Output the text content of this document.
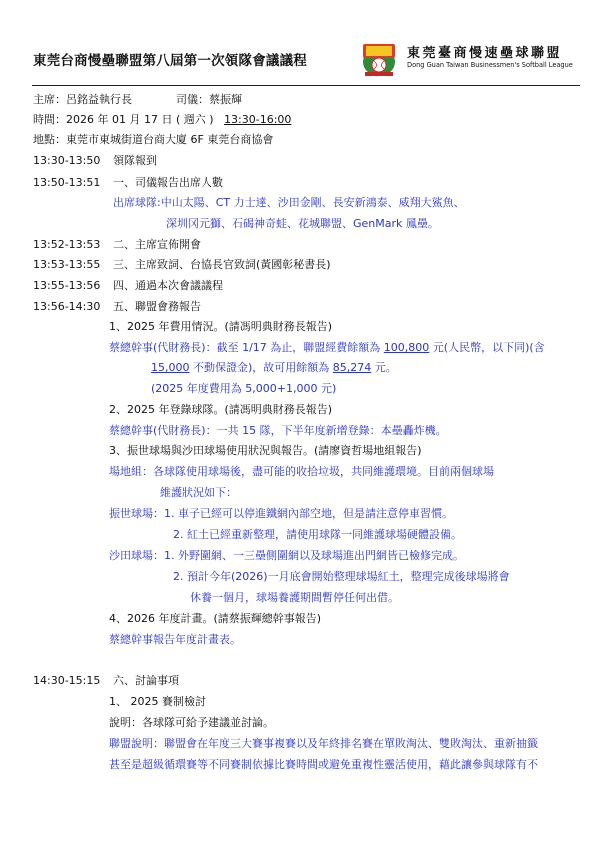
東莞台商慢壘聯盟第八屆第一次領隊會議議程	東莞臺商慢速壘球聯盟
Dong Guan Taiwan Businessmen's Softball League
主席：呂銘益執行長	司儀：蔡振輝
時間：2026 年 01 月 17 日 ( 週六 ) 13:30-16:00
地點：東莞市東城街道台商大廈 6F 東莞台商協會
13:30-13:50 領隊報到
13:50-13:51 一、司儀報告出席人數
出席球隊:中山太陽、CT 力士達、沙田金剛、長安新鴻泰、威翔大鯊魚、
深圳冈元獅、石碣神奇蛙、花城聯盟、GenMark 鳳壘。
13:52-13:53 二、主席宣佈開會
13:53-13:55 三、主席致詞、台協長官致詞(黃國彰秘書長)
13:55-13:56 四、通過本次會議議程
13:56-14:30 五、聯盟會務報告
1、2025 年費用情況。(請馮明典財務長報告)
蔡總幹事(代財務長)：截至 1/17 為止，聯盟經費餘額為 100,800 元(人民幣，以下同)(含
15,000 不動保證金)，故可用餘額為 85,274 元。
(2025 年度費用為 5,000+1,000 元)
2、2025 年登錄球隊。(請馮明典財務長報告)
蔡總幹事(代財務長)：一共 15 隊，下半年度新增登錄：本壘轟炸機。
3、振世球場與沙田球場使用狀況與報告。(請廖資哲場地組報告)
場地組：各球隊使用球場後，盡可能的收拾垃圾，共同維護環境。目前兩個球場
維護狀況如下：
振世球場：1. 車子已經可以停進鐵網內部空地，但是請注意停車習慣。
2. 紅土已經重新整理，請使用球隊一同維護球場硬體設備。
沙田球場：1. 外野圍網、一三壘側圍網以及球場進出門網皆已檢修完成。
2. 預計今年(2026)一月底會開始整理球場紅土，整理完成後球場將會
休養一個月，球場養護期間暫停任何出借。
4、2026 年度計畫。(請蔡振輝總幹事報告)
蔡總幹事報告年度計畫表。
14:30-15:15 六、討論事項
1、 2025 賽制檢討
說明：各球隊可給予建議並討論。
聯盟說明：聯盟會在年度三大賽事複賽以及年終排名賽在單敗淘汰、雙敗淘汰、重新抽籤
甚至是超級循環賽等不同賽制依據比賽時間或避免重複性靈活使用，藉此讓參與球隊有不
